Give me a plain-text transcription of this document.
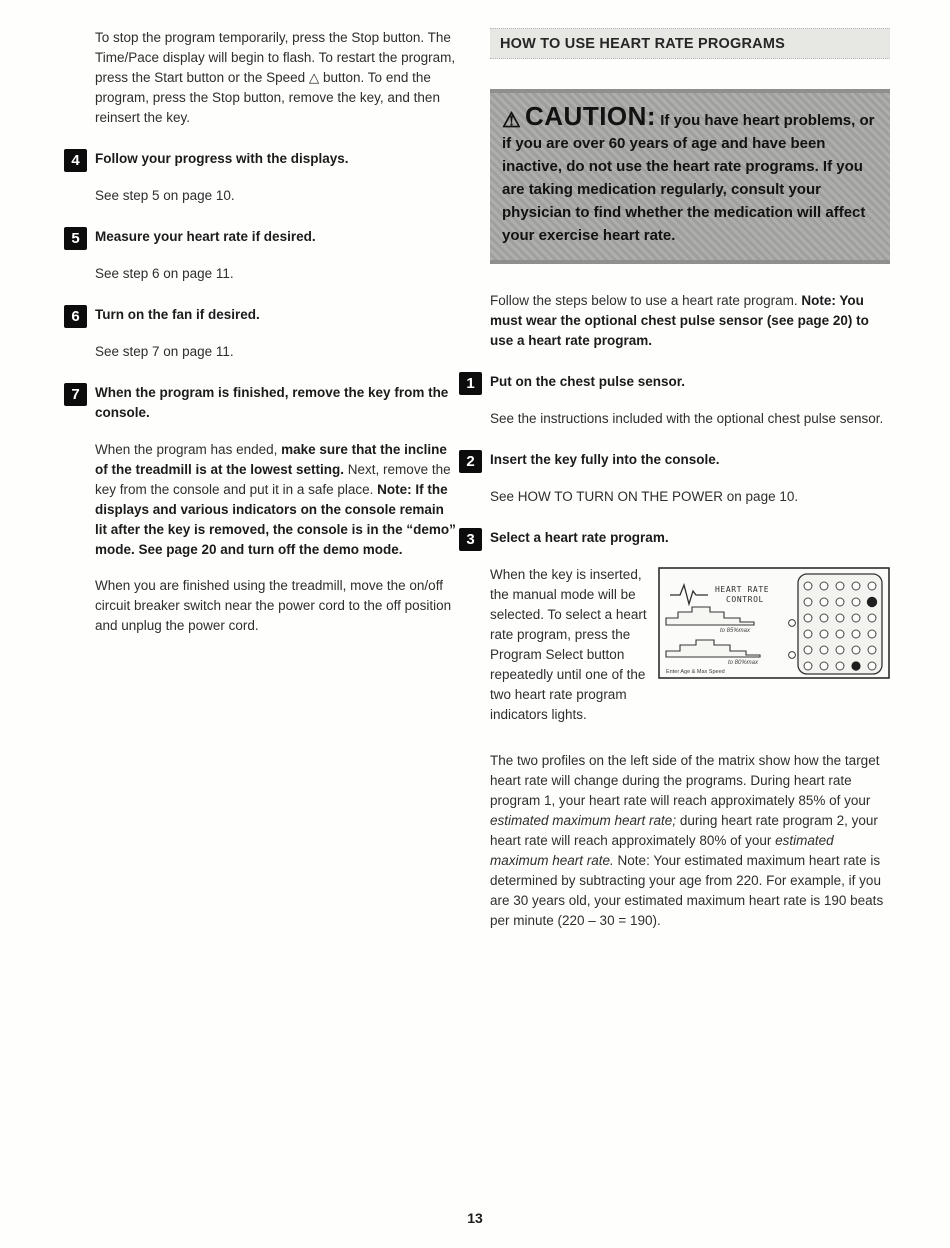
To stop the program temporarily, press the Stop button. The Time/Pace display will begin to flash. To restart the program, press the Start button or the Speed △ button. To end the program, press the Stop button, remove the key, and then reinsert the key.

4	Follow your progress with the displays.

See step 5 on page 10.

5	Measure your heart rate if desired.

See step 6 on page 11.

6	Turn on the fan if desired.

See step 7 on page 11.

7	When the program is finished, remove the key from the console.

When the program has ended, make sure that the incline of the treadmill is at the lowest setting. Next, remove the key from the console and put it in a safe place. Note: If the displays and various indicators on the console remain lit after the key is removed, the console is in the “demo” mode. See page 20 and turn off the demo mode.

When you are finished using the treadmill, move the on/off circuit breaker switch near the power cord to the off position and unplug the power cord.

HOW TO USE HEART RATE PROGRAMS

⚠ CAUTION: If you have heart problems, or if you are over 60 years of age and have been inactive, do not use the heart rate programs. If you are taking medication regularly, consult your physician to find whether the medication will affect your exercise heart rate.

Follow the steps below to use a heart rate program. Note: You must wear the optional chest pulse sensor (see page 20) to use a heart rate program.

1	Put on the chest pulse sensor.

See the instructions included with the optional chest pulse sensor.

2	Insert the key fully into the console.

See HOW TO TURN ON THE POWER on page 10.

3	Select a heart rate program.

HEART RATE
CONTROL
to 85%max
to 80%max
Enter Age & Max Speed
When the key is inserted, the manual mode will be selected. To select a heart rate program, press the Program Select button repeatedly until one of the two heart rate program indicators lights.

The two profiles on the left side of the matrix show how the target heart rate will change during the programs. During heart rate program 1, your heart rate will reach approximately 85% of your estimated maximum heart rate; during heart rate program 2, your heart rate will reach approximately 80% of your estimated maximum heart rate. Note: Your estimated maximum heart rate is determined by subtracting your age from 220. For example, if you are 30 years old, your estimated maximum heart rate is 190 beats per minute (220 – 30 = 190).

13
